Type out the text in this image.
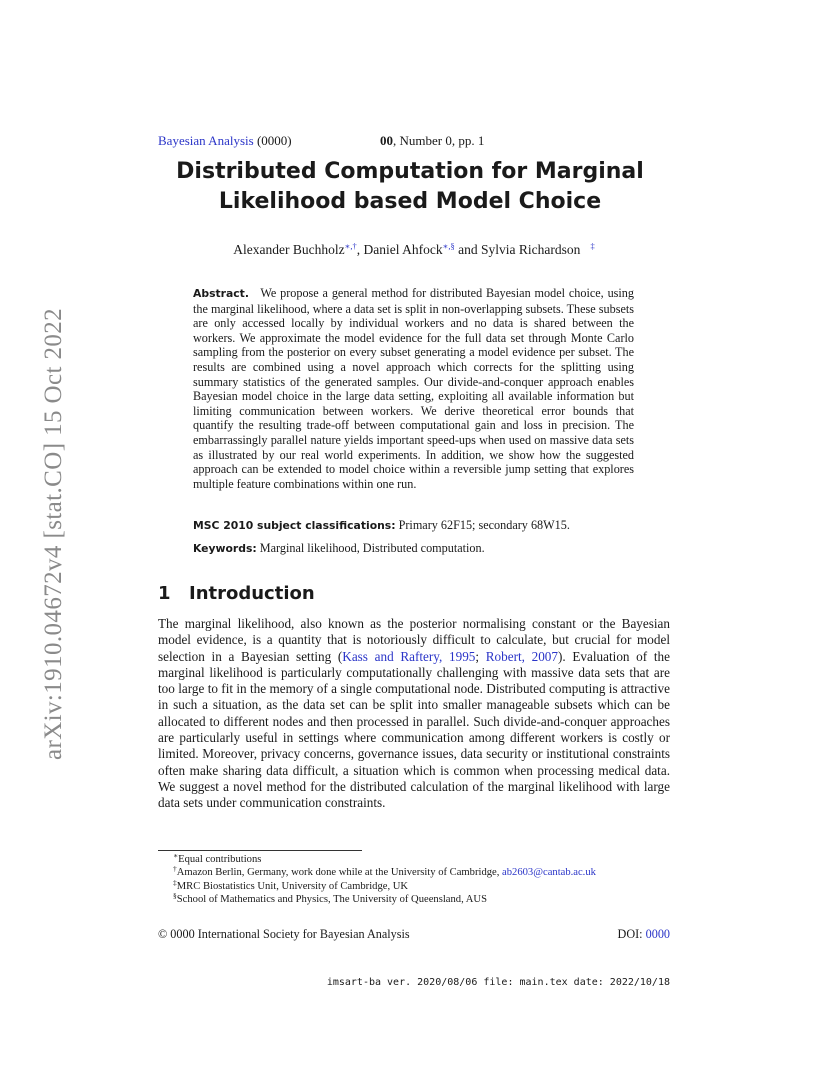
arXiv:1910.04672v4 [stat.CO] 15 Oct 2022
Bayesian Analysis (0000)	00, Number 0, pp. 1
Distributed Computation for Marginal
Likelihood based Model Choice
Alexander Buchholz∗,†, Daniel Ahfock∗,§ and Sylvia Richardson ‡
Abstract. We propose a general method for distributed Bayesian model choice, using the marginal likelihood, where a data set is split in non-overlapping subsets. These subsets are only accessed locally by individual workers and no data is shared between the workers. We approximate the model evidence for the full data set through Monte Carlo sampling from the posterior on every subset generating a model evidence per subset. The results are combined using a novel approach which corrects for the splitting using summary statistics of the generated samples. Our divide-and-conquer approach enables Bayesian model choice in the large data setting, exploiting all available information but limiting communication between workers. We derive theoretical error bounds that quantify the resulting trade-off between computational gain and loss in precision. The embarrassingly parallel nature yields important speed-ups when used on massive data sets as illustrated by our real world experiments. In addition, we show how the suggested approach can be extended to model choice within a reversible jump setting that explores multiple feature combinations within one run.
MSC 2010 subject classifications: Primary 62F15; secondary 68W15.
Keywords: Marginal likelihood, Distributed computation.
1 Introduction
The marginal likelihood, also known as the posterior normalising constant or the Bayesian model evidence, is a quantity that is notoriously difficult to calculate, but crucial for model selection in a Bayesian setting (Kass and Raftery, 1995; Robert, 2007). Evaluation of the marginal likelihood is particularly computationally challenging with massive data sets that are too large to fit in the memory of a single computational node. Distributed computing is attractive in such a situation, as the data set can be split into smaller manageable subsets which can be allocated to different nodes and then processed in parallel. Such divide-and-conquer approaches are particularly useful in settings where communication among different workers is costly or limited. Moreover, privacy concerns, governance issues, data security or institutional constraints often make sharing data difficult, a situation which is common when processing medical data. We suggest a novel method for the distributed calculation of the marginal likelihood with large data sets under communication constraints.
∗Equal contributions
†Amazon Berlin, Germany, work done while at the University of Cambridge, ab2603@cantab.ac.uk
‡MRC Biostatistics Unit, University of Cambridge, UK
§School of Mathematics and Physics, The University of Queensland, AUS
© 0000 International Society for Bayesian Analysis	DOI: 0000
imsart-ba ver. 2020/08/06 file: main.tex date: 2022/10/18
